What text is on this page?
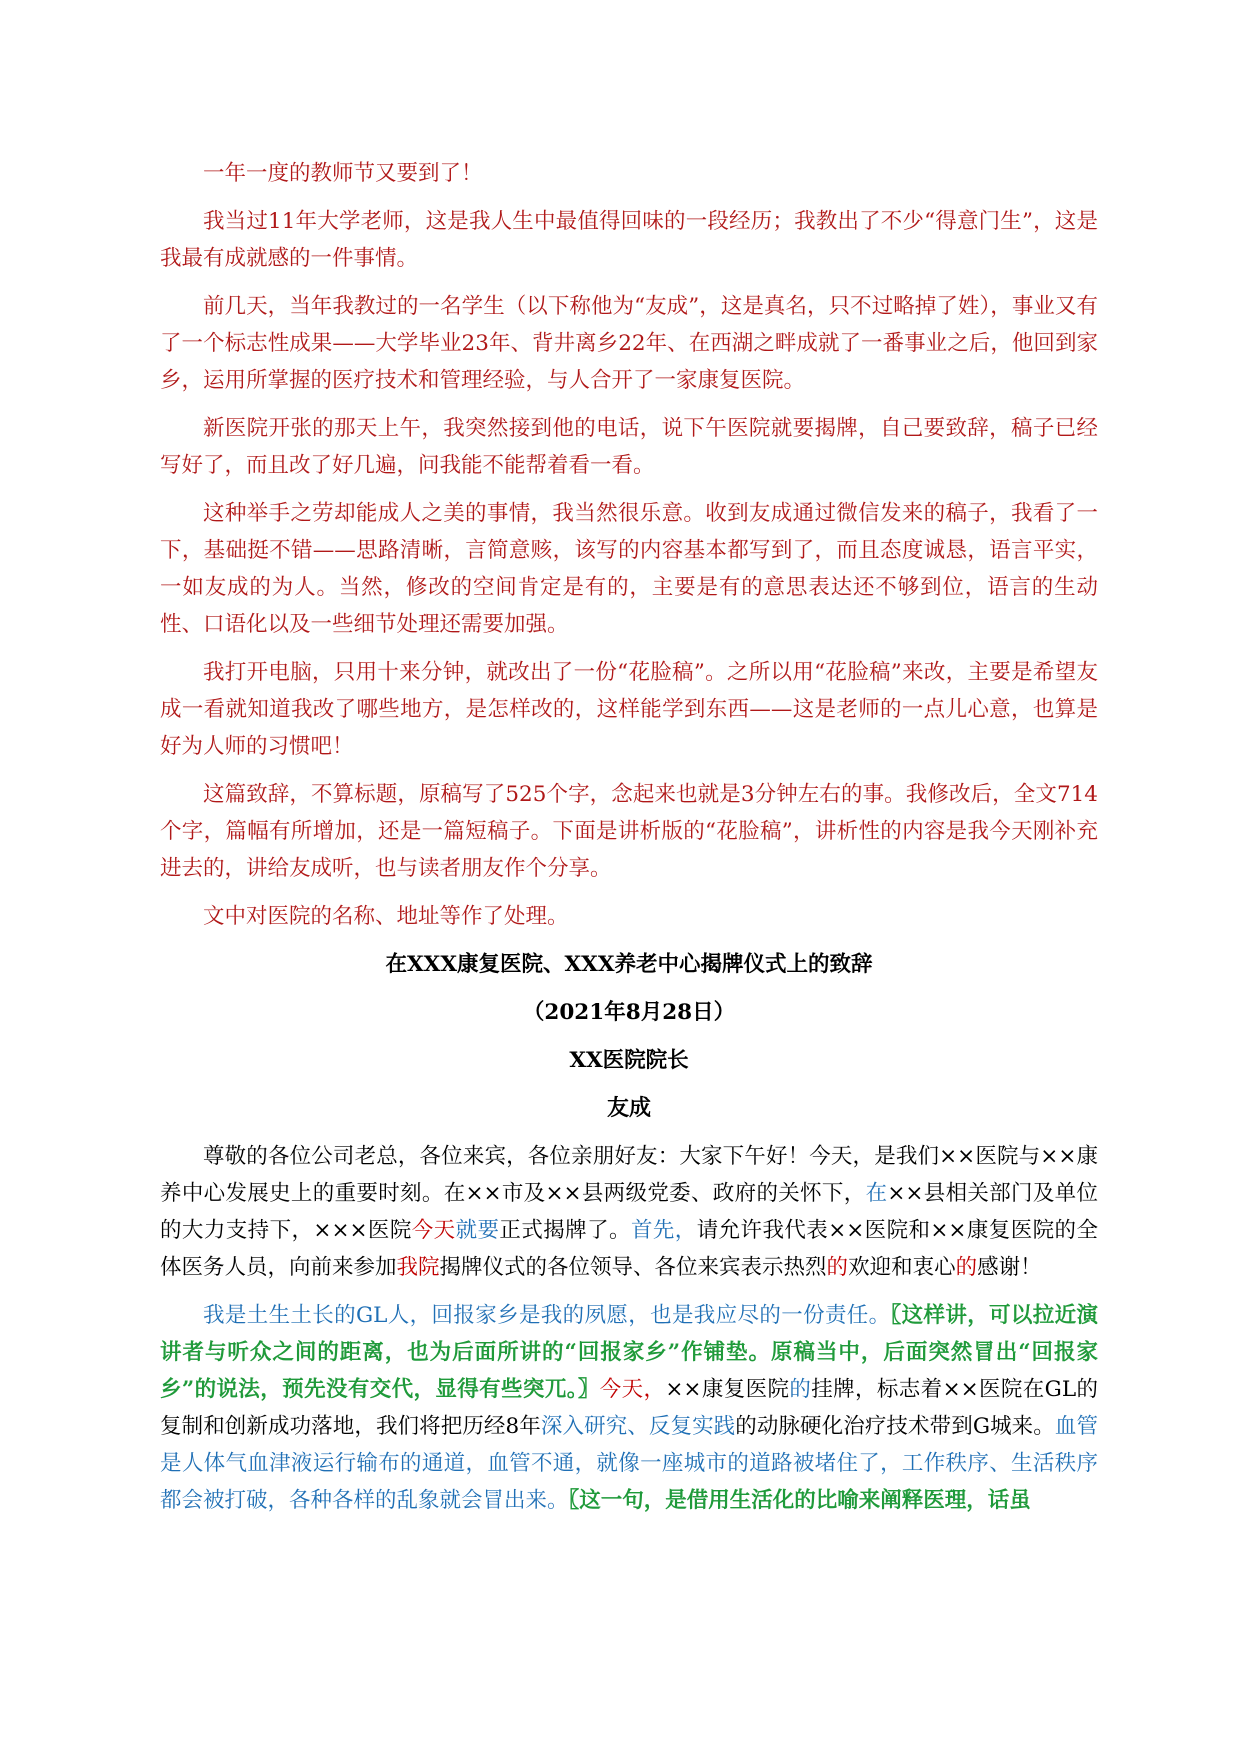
一年一度的教师节又要到了！

我当过11年大学老师，这是我人生中最值得回味的一段经历；我教出了不少“得意门生”，这是我最有成就感的一件事情。

前几天，当年我教过的一名学生（以下称他为“友成”，这是真名，只不过略掉了姓），事业又有了一个标志性成果——大学毕业23年、背井离乡22年、在西湖之畔成就了一番事业之后，他回到家乡，运用所掌握的医疗技术和管理经验，与人合开了一家康复医院。

新医院开张的那天上午，我突然接到他的电话，说下午医院就要揭牌，自己要致辞，稿子已经写好了，而且改了好几遍，问我能不能帮着看一看。

这种举手之劳却能成人之美的事情，我当然很乐意。收到友成通过微信发来的稿子，我看了一下，基础挺不错——思路清晰，言简意赅，该写的内容基本都写到了，而且态度诚恳，语言平实，一如友成的为人。当然，修改的空间肯定是有的，主要是有的意思表达还不够到位，语言的生动性、口语化以及一些细节处理还需要加强。

我打开电脑，只用十来分钟，就改出了一份“花脸稿”。之所以用“花脸稿”来改，主要是希望友成一看就知道我改了哪些地方，是怎样改的，这样能学到东西——这是老师的一点儿心意，也算是好为人师的习惯吧！

这篇致辞，不算标题，原稿写了525个字，念起来也就是3分钟左右的事。我修改后，全文714个字，篇幅有所增加，还是一篇短稿子。下面是讲析版的“花脸稿”，讲析性的内容是我今天刚补充进去的，讲给友成听，也与读者朋友作个分享。

文中对医院的名称、地址等作了处理。

在XXX康复医院、XXX养老中心揭牌仪式上的致辞

（2021年8月28日）

XX医院院长

友成

尊敬的各位公司老总，各位来宾，各位亲朋好友：大家下午好！今天，是我们××医院与××康养中心发展史上的重要时刻。在××市及××县两级党委、政府的关怀下，在××县相关部门及单位的大力支持下，×××医院今天就要正式揭牌了。首先，请允许我代表××医院和××康复医院的全体医务人员，向前来参加我院揭牌仪式的各位领导、各位来宾表示热烈的欢迎和衷心的感谢！

我是土生土长的GL人，回报家乡是我的夙愿，也是我应尽的一份责任。〖这样讲，可以拉近演讲者与听众之间的距离，也为后面所讲的“回报家乡”作铺垫。原稿当中，后面突然冒出“回报家乡”的说法，预先没有交代，显得有些突兀。〗今天，××康复医院的挂牌，标志着××医院在GL的复制和创新成功落地，我们将把历经8年深入研究、反复实践的动脉硬化治疗技术带到G城来。血管是人体气血津液运行输布的通道，血管不通，就像一座城市的道路被堵住了，工作秩序、生活秩序都会被打破，各种各样的乱象就会冒出来。〖这一句，是借用生活化的比喻来阐释医理，话虽
